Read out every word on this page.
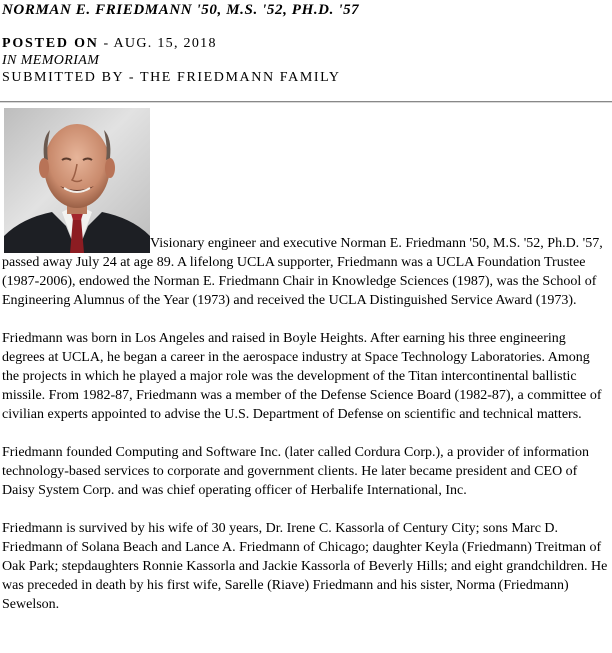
NORMAN E. FRIEDMANN '50, M.S. '52, PH.D. '57
POSTED ON - AUG. 15, 2018
IN MEMORIAM
SUBMITTED BY - THE FRIEDMANN FAMILY

Visionary engineer and executive Norman E. Friedmann '50, M.S. '52, Ph.D. '57, passed away July 24 at age 89. A lifelong UCLA supporter, Friedmann was a UCLA Foundation Trustee (1987-2006), endowed the Norman E. Friedmann Chair in Knowledge Sciences (1987), was the School of Engineering Alumnus of the Year (1973) and received the UCLA Distinguished Service Award (1973).

Friedmann was born in Los Angeles and raised in Boyle Heights. After earning his three engineering degrees at UCLA, he began a career in the aerospace industry at Space Technology Laboratories. Among the projects in which he played a major role was the development of the Titan intercontinental ballistic missile. From 1982-87, Friedmann was a member of the Defense Science Board (1982-87), a committee of civilian experts appointed to advise the U.S. Department of Defense on scientific and technical matters.

Friedmann founded Computing and Software Inc. (later called Cordura Corp.), a provider of information technology-based services to corporate and government clients. He later became president and CEO of Daisy System Corp. and was chief operating officer of Herbalife International, Inc.

Friedmann is survived by his wife of 30 years, Dr. Irene C. Kassorla of Century City; sons Marc D. Friedmann of Solana Beach and Lance A. Friedmann of Chicago; daughter Keyla (Friedmann) Treitman of Oak Park; stepdaughters Ronnie Kassorla and Jackie Kassorla of Beverly Hills; and eight grandchildren. He was preceded in death by his first wife, Sarelle (Riave) Friedmann and his sister, Norma (Friedmann) Sewelson.
